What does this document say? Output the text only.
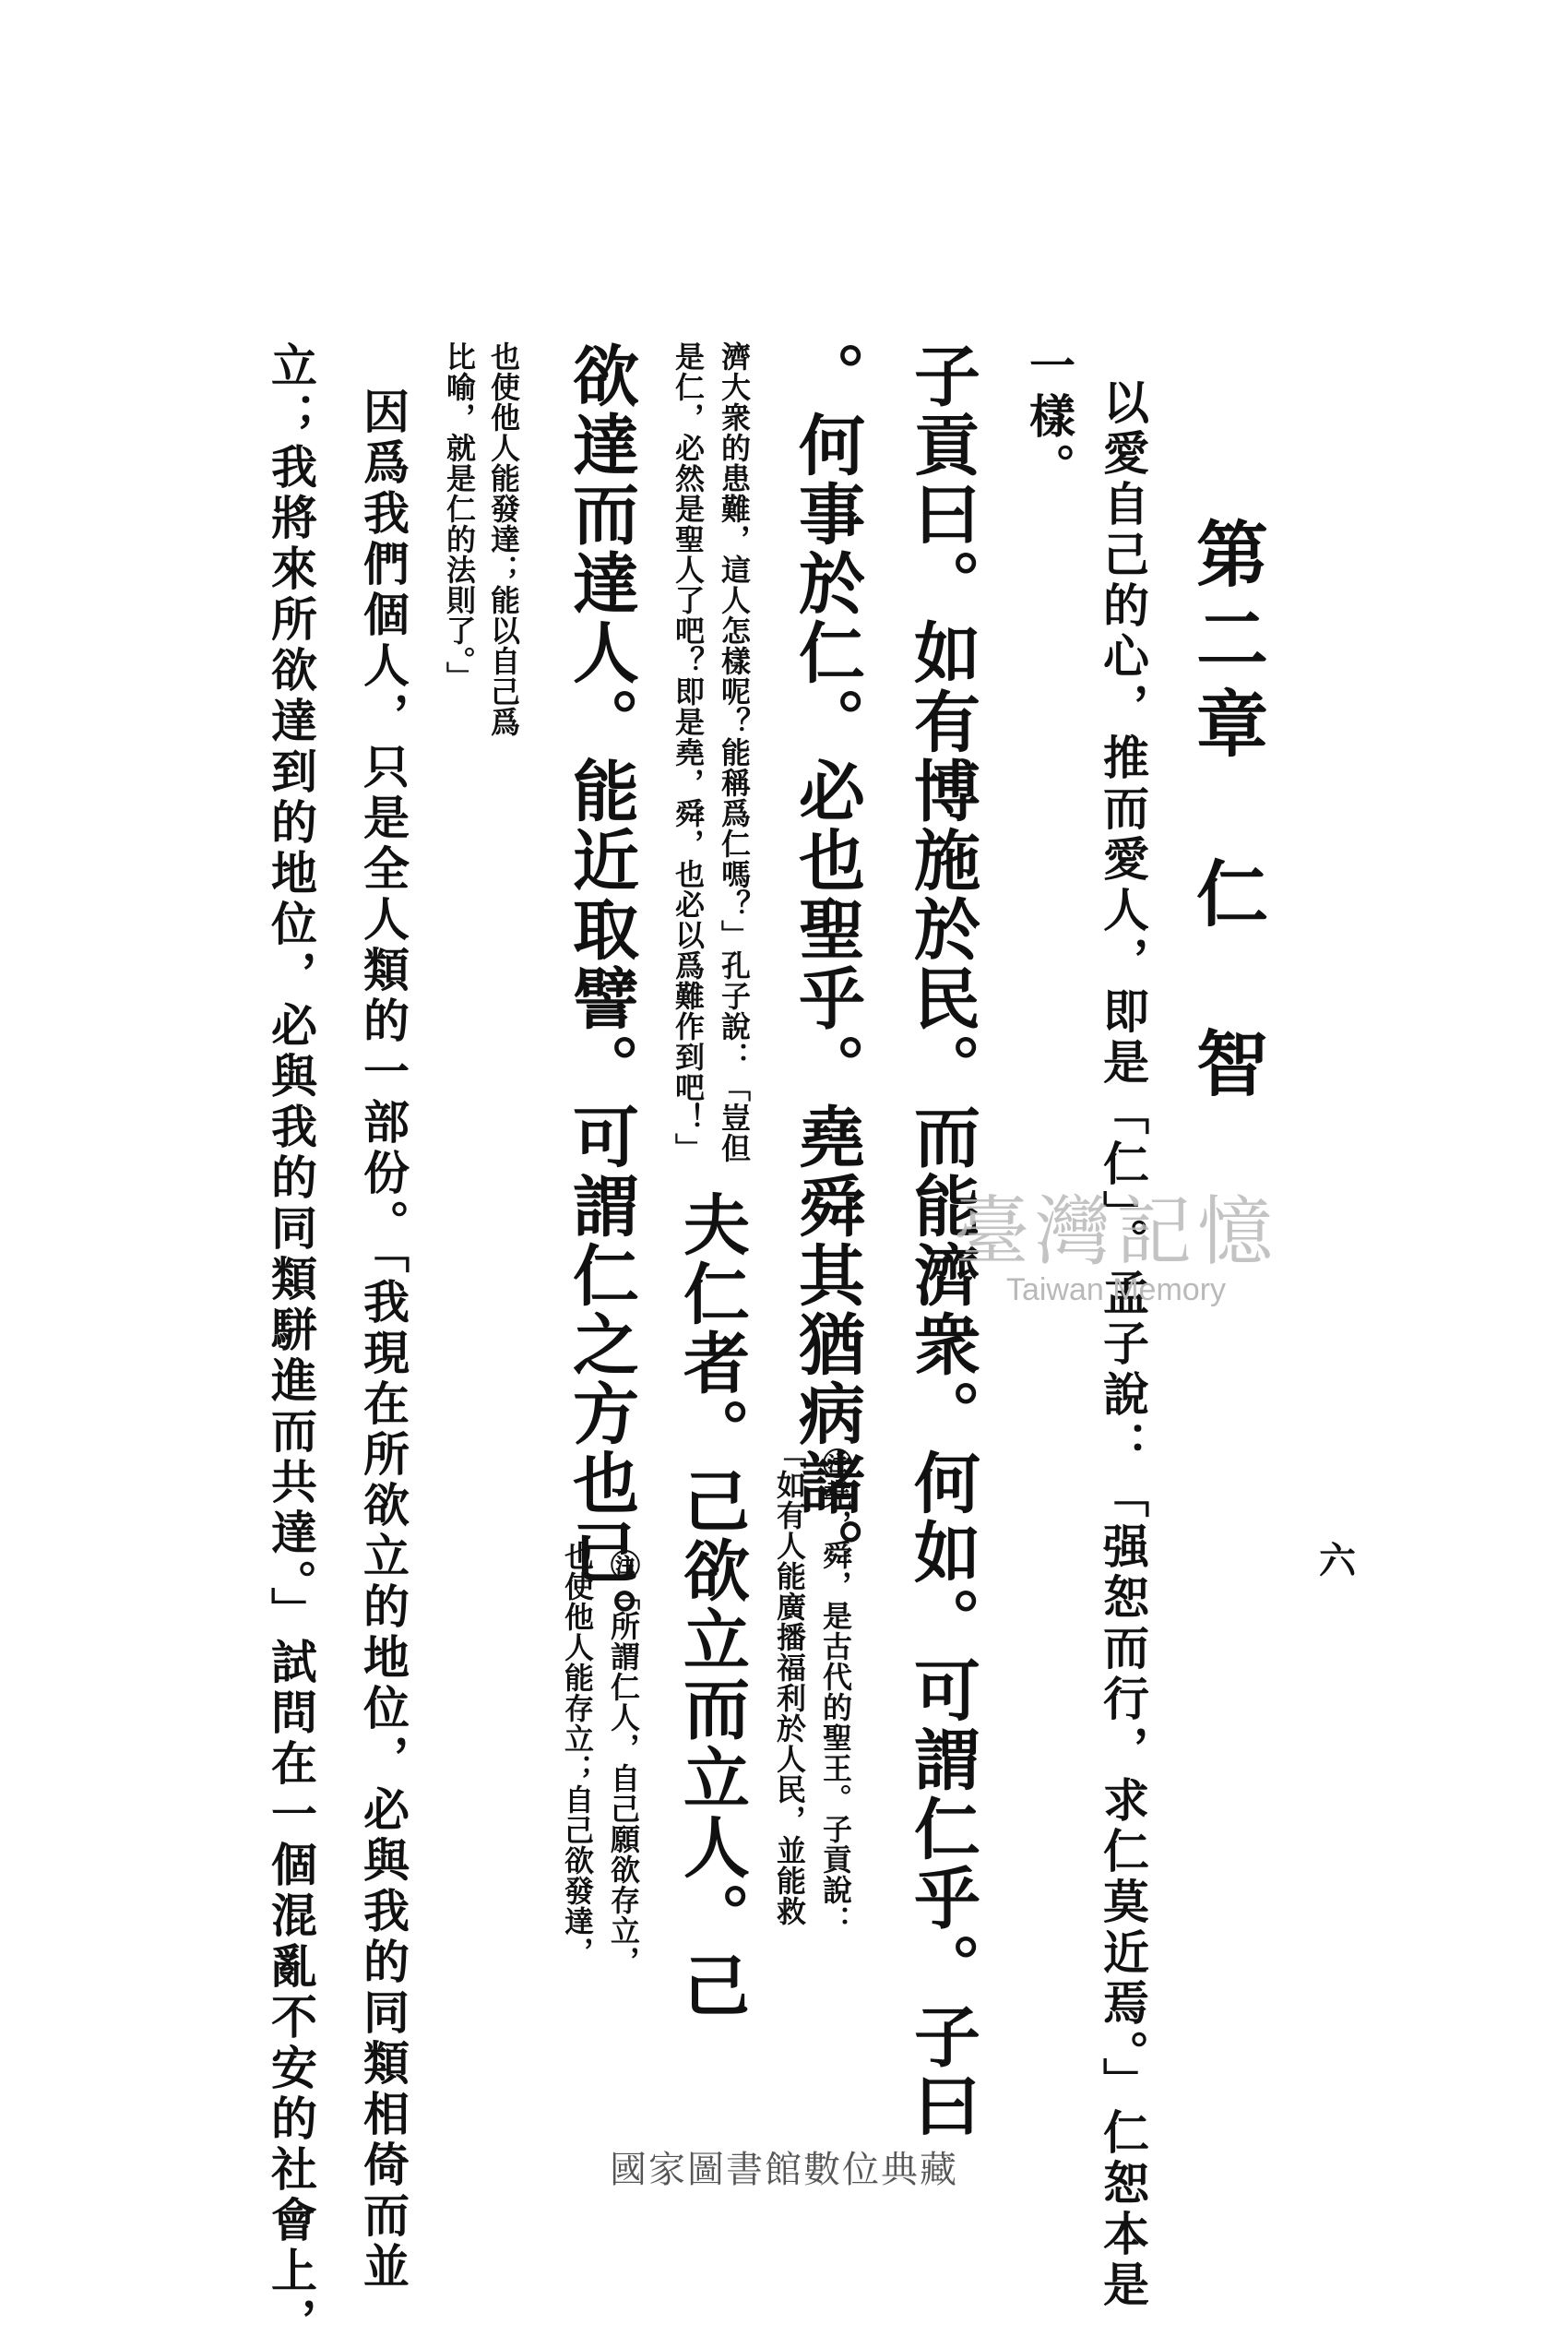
第二章　仁　智
六
以愛自己的心，推而愛人，即是「仁」。孟子說：「强恕而行，求仁莫近焉。」仁恕本是
一樣。
子貢曰。如有博施於民。而能濟衆。何如。可謂仁乎。子曰
。何事於仁。必也聖乎。堯舜其猶病諸。
㊟堯，舜，是古代的聖王。子貢說：
「如有人能廣播福利於人民，並能救
濟大衆的患難，這人怎樣呢？能稱爲仁嗎？」孔子說：「豈但
是仁，必然是聖人了吧？即是堯，舜，也必以爲難作到吧！」
夫仁者。己欲立而立人。己
欲達而達人。能近取譬。可謂仁之方也已。
㊟「所謂仁人，自己願欲存立，
也使他人能存立；自己欲發達，
也使他人能發達；能以自己爲
比喻，就是仁的法則了。」
因爲我們個人，只是全人類的一部份。「我現在所欲立的地位，必與我的同類相倚而並
立；我將來所欲達到的地位，必與我的同類駢進而共達。」試問在一個混亂不安的社會上，	臺灣記憶
Taiwan Memory
國家圖書館數位典藏
